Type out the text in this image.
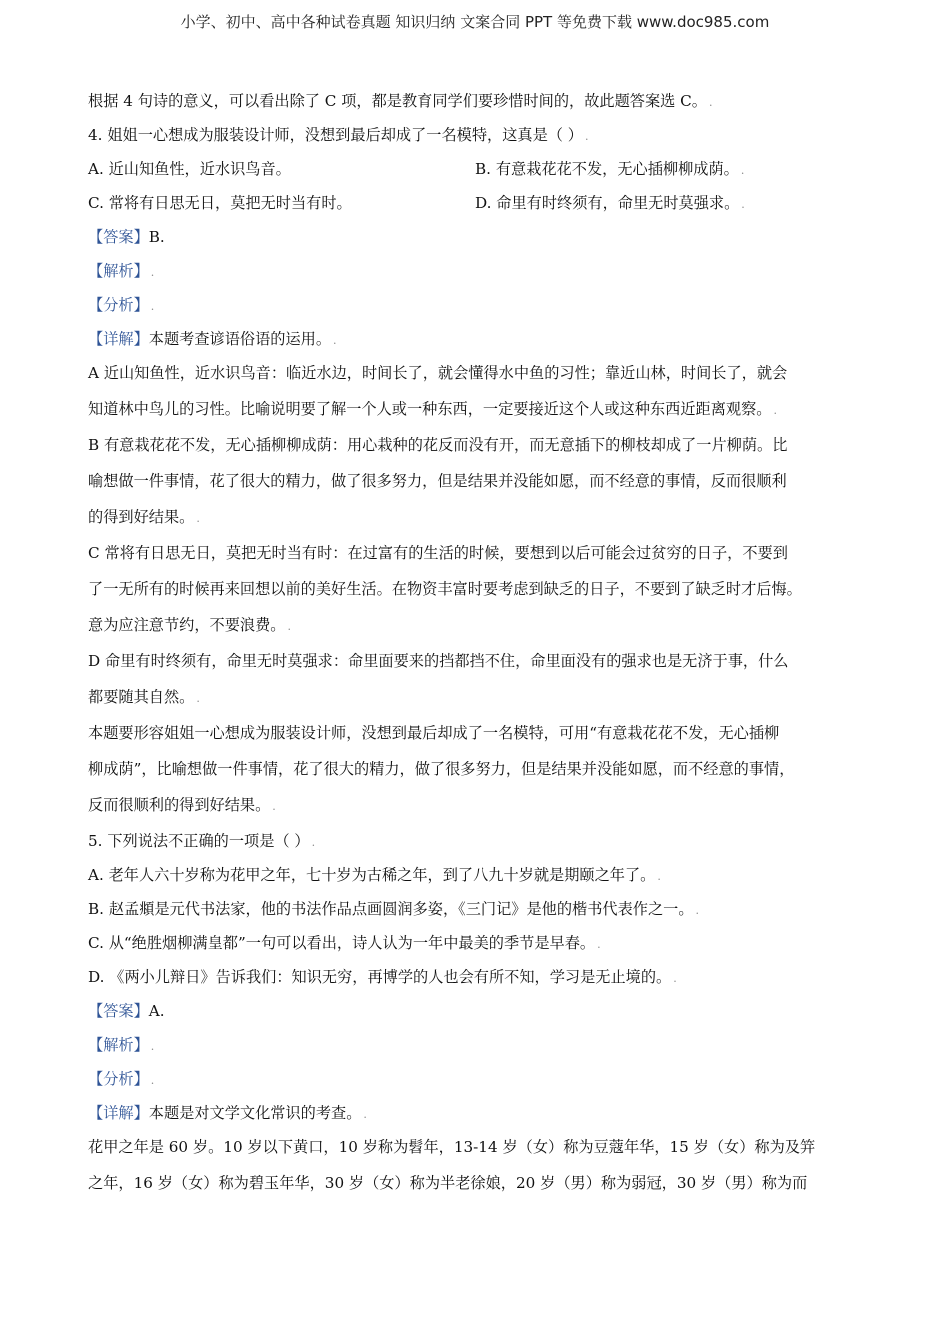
小学、初中、高中各种试卷真题 知识归纳 文案合同 PPT 等免费下载 www.doc985.com
根据 4 句诗的意义，可以看出除了 C 项，都是教育同学们要珍惜时间的，故此题答案选 C。 .
4. 姐姐一心想成为服装设计师，没想到最后却成了一名模特，这真是（ ） .
A. 近山知鱼性，近水识鸟音。	B. 有意栽花花不发，无心插柳柳成荫。 .
C. 常将有日思无日，莫把无时当有时。	D. 命里有时终须有，命里无时莫强求。 .
【答案】B.
【解析】 .
【分析】 .
【详解】本题考查谚语俗语的运用。 .
A 近山知鱼性，近水识鸟音：临近水边，时间长了，就会懂得水中鱼的习性；靠近山林，时间长了，就会
知道林中鸟儿的习性。比喻说明要了解一个人或一种东西，一定要接近这个人或这种东西近距离观察。 .
B 有意栽花花不发，无心插柳柳成荫：用心栽种的花反而没有开，而无意插下的柳枝却成了一片柳荫。比
喻想做一件事情，花了很大的精力，做了很多努力，但是结果并没能如愿，而不经意的事情，反而很顺利
的得到好结果。 .
C 常将有日思无日，莫把无时当有时：在过富有的生活的时候，要想到以后可能会过贫穷的日子，不要到
了一无所有的时候再来回想以前的美好生活。在物资丰富时要考虑到缺乏的日子，不要到了缺乏时才后悔。
意为应注意节约，不要浪费。 .
D 命里有时终须有，命里无时莫强求：命里面要来的挡都挡不住，命里面没有的强求也是无济于事，什么
都要随其自然。 .
本题要形容姐姐一心想成为服装设计师，没想到最后却成了一名模特，可用“有意栽花花不发，无心插柳
柳成荫”，比喻想做一件事情，花了很大的精力，做了很多努力，但是结果并没能如愿，而不经意的事情，
反而很顺利的得到好结果。 .
5. 下列说法不正确的一项是（ ） .
A. 老年人六十岁称为花甲之年，七十岁为古稀之年，到了八九十岁就是期颐之年了。 .
B. 赵孟頫是元代书法家，他的书法作品点画圆润多姿，《三门记》是他的楷书代表作之一。 .
C. 从“绝胜烟柳满皇都”一句可以看出，诗人认为一年中最美的季节是早春。 .
D. 《两小儿辩日》告诉我们：知识无穷，再博学的人也会有所不知，学习是无止境的。 .
【答案】A.
【解析】 .
【分析】 .
【详解】本题是对文学文化常识的考查。 .
花甲之年是 60 岁。10 岁以下黄口，10 岁称为髫年，13-14 岁（女）称为豆蔻年华，15 岁（女）称为及笄
之年，16 岁（女）称为碧玉年华，30 岁（女）称为半老徐娘，20 岁（男）称为弱冠，30 岁（男）称为而
